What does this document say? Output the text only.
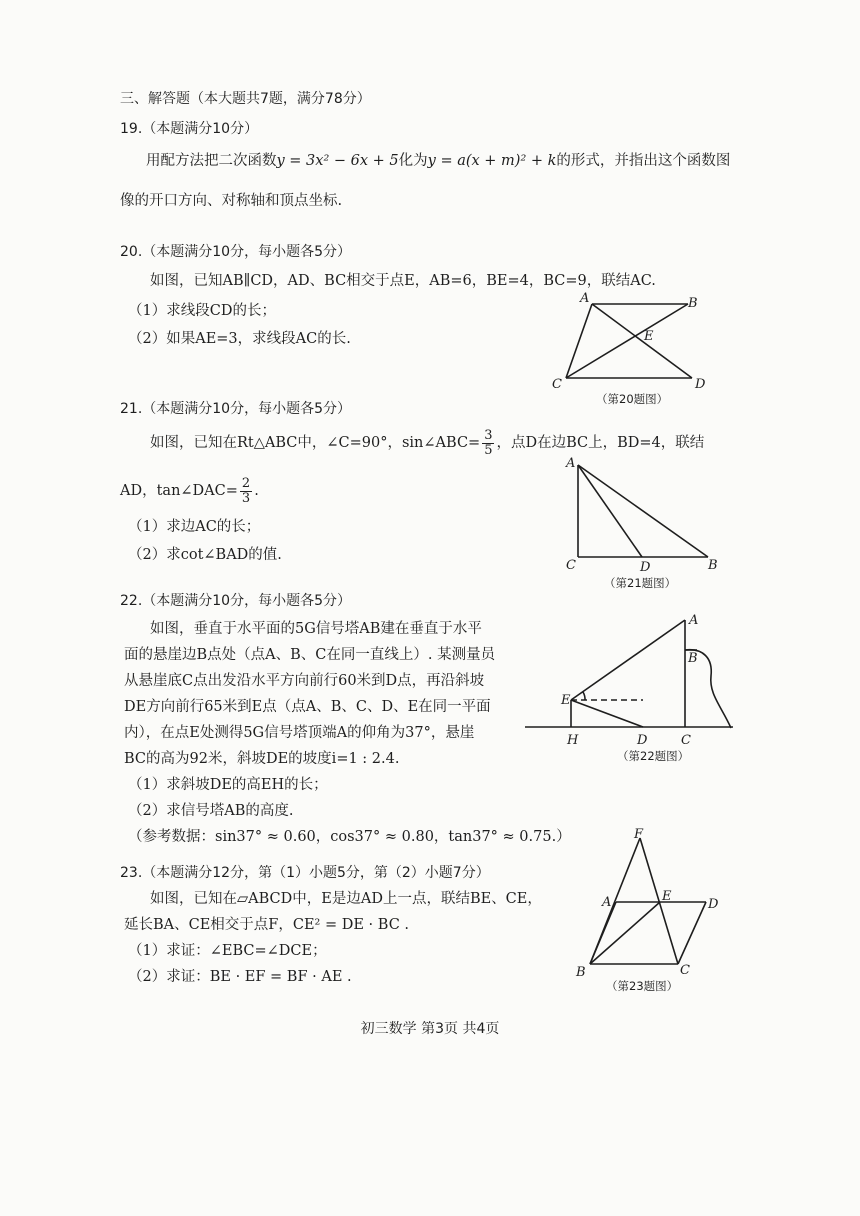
三、解答题（本大题共7题，满分78分）
19.（本题满分10分）
用配方法把二次函数y = 3x² − 6x + 5化为y = a(x + m)² + k的形式，并指出这个函数图
像的开口方向、对称轴和顶点坐标.
20.（本题满分10分，每小题各5分）
如图，已知AB∥CD，AD、BC相交于点E，AB=6，BE=4，BC=9，联结AC.
（1）求线段CD的长；
（2）如果AE=3，求线段AC的长.
A	B
E
C	D
（第20题图）
21.（本题满分10分，每小题各5分）
如图，已知在Rt△ABC中，∠C=90°，sin∠ABC= $\frac{3}{5}$ ，点D在边BC上，BD=4，联结
AD，tan∠DAC= $\frac{2}{3}$ .
（1）求边AC的长；
（2）求cot∠BAD的值.
A
C	D	B
（第21题图）
22.（本题满分10分，每小题各5分）
如图，垂直于水平面的5G信号塔AB建在垂直于水平
面的悬崖边B点处（点A、B、C在同一直线上）. 某测量员
从悬崖底C点出发沿水平方向前行60米到D点，再沿斜坡
DE方向前行65米到E点（点A、B、C、D、E在同一平面
内），在点E处测得5G信号塔顶端A的仰角为37°，悬崖
BC的高为92米，斜坡DE的坡度i=1 : 2.4.
（1）求斜坡DE的高EH的长；
（2）求信号塔AB的高度.
（参考数据：sin37° ≈ 0.60，cos37° ≈ 0.80，tan37° ≈ 0.75.）
A
B
E
H	D	C
（第22题图）
23.（本题满分12分，第（1）小题5分，第（2）小题7分）
如图，已知在▱ABCD中，E是边AD上一点，联结BE、CE，
延长BA、CE相交于点F，CE² = DE · BC .
（1）求证：∠EBC=∠DCE；
（2）求证：BE · EF = BF · AE .
F
A	E
D
B	C
（第23题图）
初三数学 第3页 共4页
